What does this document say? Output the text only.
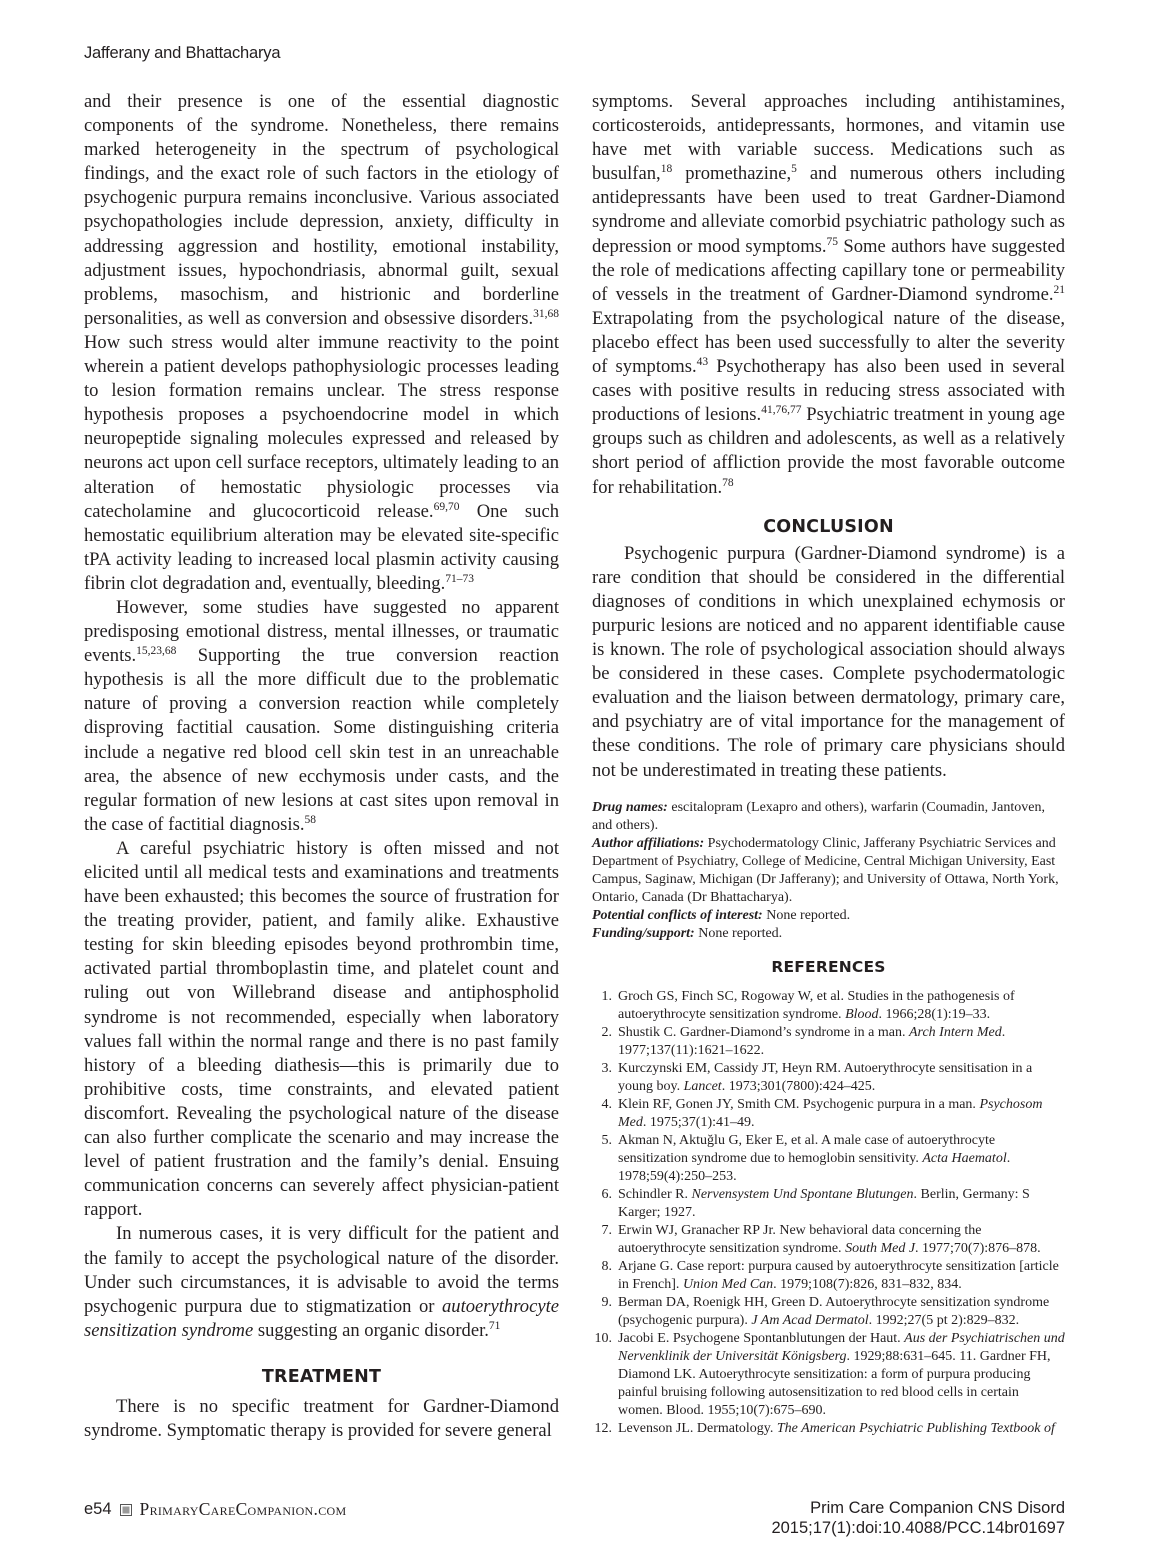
Jafferany and Bhattacharya

and their presence is one of the essential diagnostic components of the syndrome. Nonetheless, there remains marked heterogeneity in the spectrum of psychological findings, and the exact role of such factors in the etiology of psychogenic purpura remains inconclusive. Various associated psychopathologies include depression, anxiety, difficulty in addressing aggression and hostility, emotional instability, adjustment issues, hypochondriasis, abnormal guilt, sexual problems, masochism, and histrionic and borderline personalities, as well as conversion and obsessive disorders.$^{31,68}$ How such stress would alter immune reactivity to the point wherein a patient develops pathophysiologic processes leading to lesion formation remains unclear. The stress response hypothesis proposes a psychoendocrine model in which neuropeptide signaling molecules expressed and released by neurons act upon cell surface receptors, ultimately leading to an alteration of hemostatic physiologic processes via catecholamine and glucocorticoid release.$^{69,70}$ One such hemostatic equilibrium alteration may be elevated site-specific tPA activity leading to increased local plasmin activity causing fibrin clot degradation and, eventually, bleeding.$^{71-73}$

However, some studies have suggested no apparent predisposing emotional distress, mental illnesses, or traumatic events.$^{15,23,68}$ Supporting the true conversion reaction hypothesis is all the more difficult due to the problematic nature of proving a conversion reaction while completely disproving factitial causation. Some distinguishing criteria include a negative red blood cell skin test in an unreachable area, the absence of new ecchymosis under casts, and the regular formation of new lesions at cast sites upon removal in the case of factitial diagnosis.$^{58}$

A careful psychiatric history is often missed and not elicited until all medical tests and examinations and treatments have been exhausted; this becomes the source of frustration for the treating provider, patient, and family alike. Exhaustive testing for skin bleeding episodes beyond prothrombin time, activated partial thromboplastin time, and platelet count and ruling out von Willebrand disease and antiphospholid syndrome is not recommended, especially when laboratory values fall within the normal range and there is no past family history of a bleeding diathesis—this is primarily due to prohibitive costs, time constraints, and elevated patient discomfort. Revealing the psychological nature of the disease can also further complicate the scenario and may increase the level of patient frustration and the family’s denial. Ensuing communication concerns can severely affect physician-patient rapport.

In numerous cases, it is very difficult for the patient and the family to accept the psychological nature of the disorder. Under such circumstances, it is advisable to avoid the terms psychogenic purpura due to stigmatization or autoerythrocyte sensitization syndrome suggesting an organic disorder.$^{71}$

TREATMENT

There is no specific treatment for Gardner-Diamond syndrome. Symptomatic therapy is provided for severe general

symptoms. Several approaches including antihistamines, corticosteroids, antidepressants, hormones, and vitamin use have met with variable success. Medications such as busulfan,$^{18}$ promethazine,$^5$ and numerous others including antidepressants have been used to treat Gardner-Diamond syndrome and alleviate comorbid psychiatric pathology such as depression or mood symptoms.$^{75}$ Some authors have suggested the role of medications affecting capillary tone or permeability of vessels in the treatment of Gardner-Diamond syndrome.$^{21}$ Extrapolating from the psychological nature of the disease, placebo effect has been used successfully to alter the severity of symptoms.$^{43}$ Psychotherapy has also been used in several cases with positive results in reducing stress associated with productions of lesions.$^{41,76,77}$ Psychiatric treatment in young age groups such as children and adolescents, as well as a relatively short period of affliction provide the most favorable outcome for rehabilitation.$^{78}$

CONCLUSION

Psychogenic purpura (Gardner-Diamond syndrome) is a rare condition that should be considered in the differential diagnoses of conditions in which unexplained echymosis or purpuric lesions are noticed and no apparent identifiable cause is known. The role of psychological association should always be considered in these cases. Complete psychodermatologic evaluation and the liaison between dermatology, primary care, and psychiatry are of vital importance for the management of these conditions. The role of primary care physicians should not be underestimated in treating these patients.

Drug names: escitalopram (Lexapro and others), warfarin (Coumadin, Jantoven, and others).

Author affiliations: Psychodermatology Clinic, Jafferany Psychiatric Services and Department of Psychiatry, College of Medicine, Central Michigan University, East Campus, Saginaw, Michigan (Dr Jafferany); and University of Ottawa, North York, Ontario, Canada (Dr Bhattacharya).

Potential conflicts of interest: None reported.

Funding/support: None reported.

REFERENCES
1. Groch GS, Finch SC, Rogoway W, et al. Studies in the pathogenesis of autoerythrocyte sensitization syndrome. Blood. 1966;28(1):19–33.
2. Shustik C. Gardner-Diamond’s syndrome in a man. Arch Intern Med. 1977;137(11):1621–1622.
3. Kurczynski EM, Cassidy JT, Heyn RM. Autoerythrocyte sensitisation in a young boy. Lancet. 1973;301(7800):424–425.
4. Klein RF, Gonen JY, Smith CM. Psychogenic purpura in a man. Psychosom Med. 1975;37(1):41–49.
5. Akman N, Aktuğlu G, Eker E, et al. A male case of autoerythrocyte sensitization syndrome due to hemoglobin sensitivity. Acta Haematol. 1978;59(4):250–253.
6. Schindler R. Nervensystem Und Spontane Blutungen. Berlin, Germany: S Karger; 1927.
7. Erwin WJ, Granacher RP Jr. New behavioral data concerning the autoerythrocyte sensitization syndrome. South Med J. 1977;70(7):876–878.
8. Arjane G. Case report: purpura caused by autoerythrocyte sensitization [article in French]. Union Med Can. 1979;108(7):826, 831–832, 834.
9. Berman DA, Roenigk HH, Green D. Autoerythrocyte sensitization syndrome (psychogenic purpura). J Am Acad Dermatol. 1992;27(5 pt 2):829–832.
10. Jacobi E. Psychogene Spontanblutungen der Haut. Aus der Psychiatrischen und Nervenklinik der Universität Königsberg. 1929;88:631–645. 11. Gardner FH, Diamond LK. Autoerythrocyte sensitization: a form of purpura producing painful bruising following autosensitization to red blood cells in certain women. Blood. 1955;10(7):675–690.
12. Levenson JL. Dermatology. The American Psychiatric Publishing Textbook of
e54 PrimaryCareCompanion.com	Prim Care Companion CNS Disord
2015;17(1):doi:10.4088/PCC.14br01697
